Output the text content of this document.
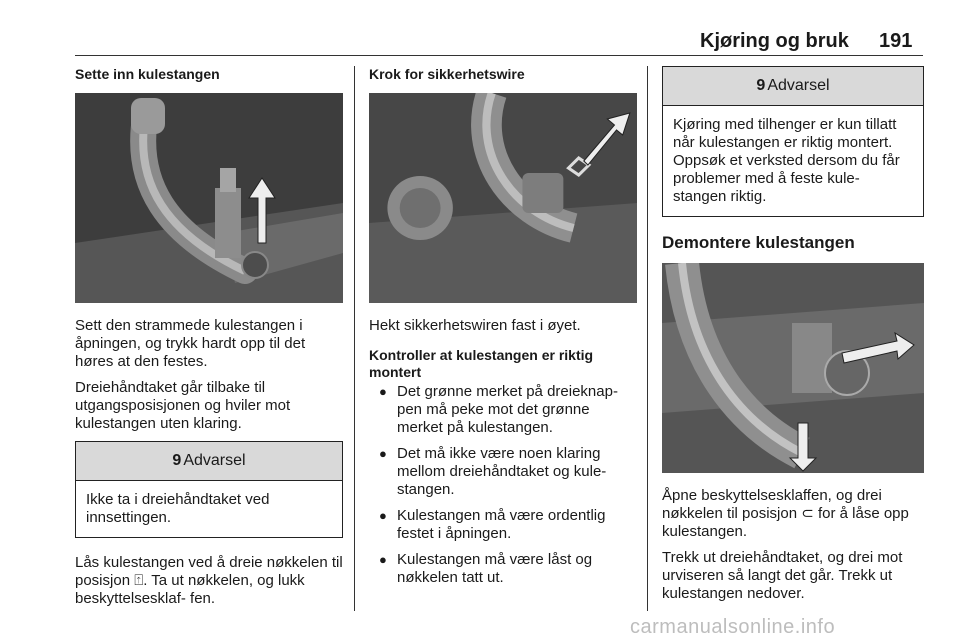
Kjøring og bruk 191
Sette inn kulestangen

Sett den strammede kulestangen i åpningen, og trykk hardt opp til det høres at den festes.

Dreiehåndtaket går tilbake til utgangsposisjonen og hviler mot kulestangen uten klaring.

9 Advarsel
Ikke ta i dreiehåndtaket ved innsettingen.

Lås kulestangen ved å dreie nøkkelen til posisjon ⍐. Ta ut nøkkelen, og lukk beskyttelsesklaf‑ fen.

Krok for sikkerhetswire

Hekt sikkerhetswiren fast i øyet.

Kontroller at kulestangen er riktig montert
● Det grønne merket på dreieknap‑ pen må peke mot det grønne merket på kulestangen.
● Det må ikke være noen klaring mellom dreiehåndtaket og kule‑ stangen.
● Kulestangen må være ordentlig festet i åpningen.
● Kulestangen må være låst og nøkkelen tatt ut.
9 Advarsel
Kjøring med tilhenger er kun tillatt når kulestangen er riktig montert. Oppsøk et verksted dersom du får problemer med å feste kule‑ stangen riktig.
Demontere kulestangen

Åpne beskyttelsesklaffen, og drei nøkkelen til posisjon ⊂ for å låse opp kulestangen.

Trekk ut dreiehåndtaket, og drei mot urviseren så langt det går. Trekk ut kulestangen nedover.

carmanualsonline.info
